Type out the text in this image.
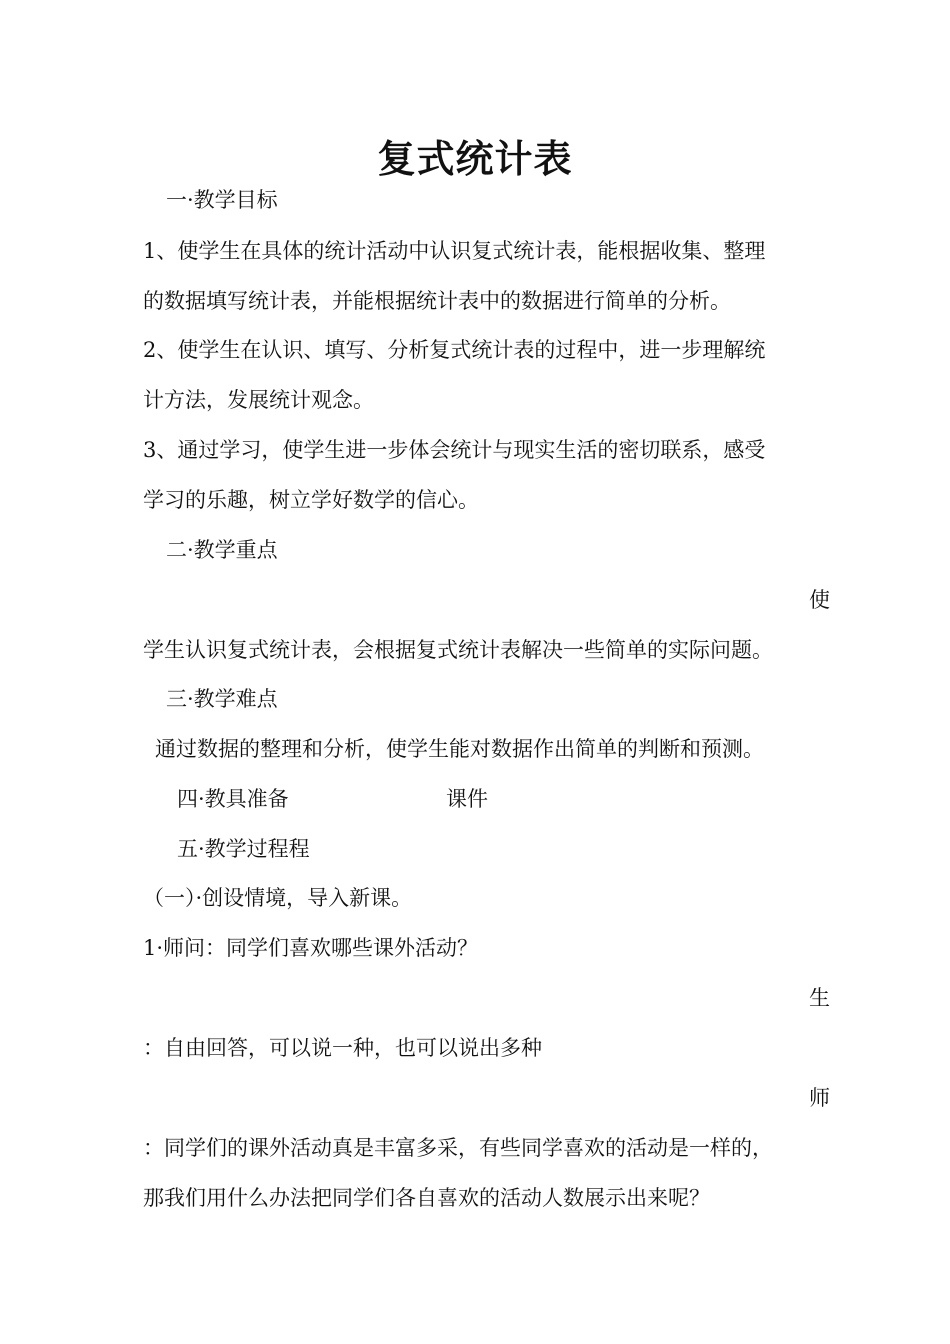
复式统计表
一·教学目标
1、使学生在具体的统计活动中认识复式统计表，能根据收集、整理
的数据填写统计表，并能根据统计表中的数据进行简单的分析。
2、使学生在认识、填写、分析复式统计表的过程中，进一步理解统
计方法，发展统计观念。
3、通过学习，使学生进一步体会统计与现实生活的密切联系，感受
学习的乐趣，树立学好数学的信心。
二·教学重点
使
学生认识复式统计表，会根据复式统计表解决一些简单的实际问题。
三·教学难点
通过数据的整理和分析，使学生能对数据作出简单的判断和预测。
四·教具准备	课件
五·教学过程程
（一）·创设情境，导入新课。
1·师问：同学们喜欢哪些课外活动？
生
：自由回答，可以说一种，也可以说出多种
师
：同学们的课外活动真是丰富多采，有些同学喜欢的活动是一样的，
那我们用什么办法把同学们各自喜欢的活动人数展示出来呢？
